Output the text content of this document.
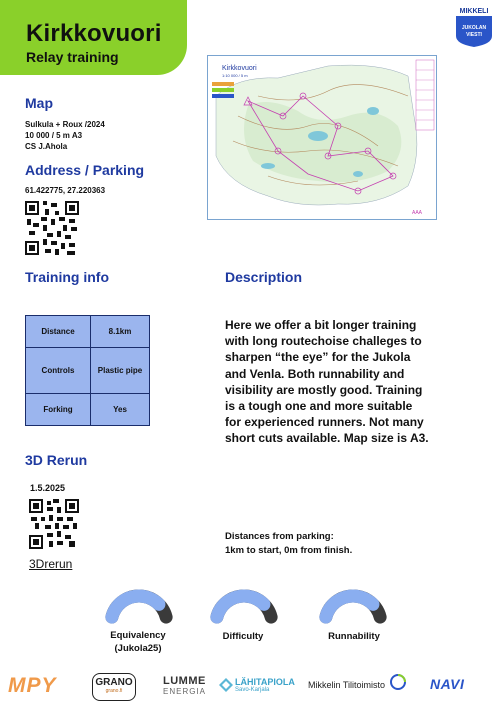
Kirkkovuori
Relay training
MIKKELI
JUKOLAN
VIESTI
Map
Sulkula + Roux /2024
10 000 / 5 m A3
CS J.Ahola
Kirkkovuori
1:10 000 / 5 m
AAA
Address / Parking
61.422775, 27.220363
Training info
Distance	8.1km
Controls	Plastic pipe
Forking	Yes
Description
Here we offer a bit longer training with long routechoise challeges to sharpen “the eye” for the Jukola and Venla. Both runnability and visibility are mostly good. Training is a tough one and more suitable for experienced runners. Not many short cuts available. Map size is A3.
Distances from parking:
1km to start, 0m from finish.
3D Rerun
1.5.2025
3Drerun
Equivalency
(Jukola25)
Difficulty	Runnability
MPY	GRANO
grano.fi
LUMME
ENERGIA
LÄHITAPIOLA
Savo-Karjala	Mikkelin Tilitoimisto	NAVI
